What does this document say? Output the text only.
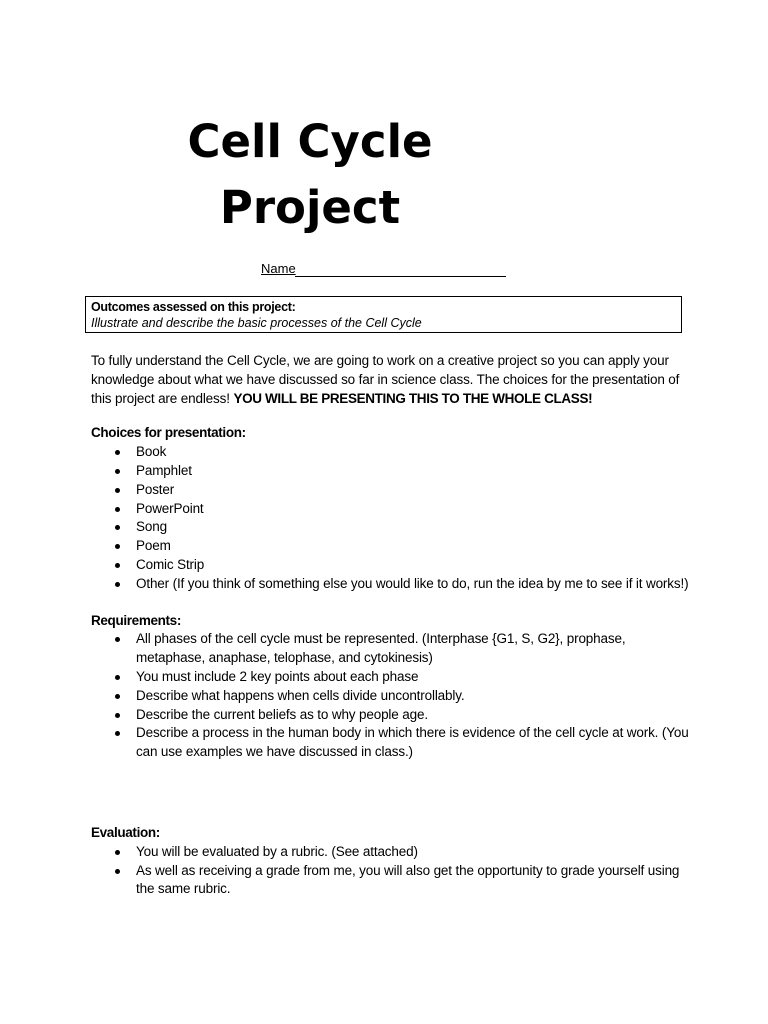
Cell Cycle
Project
Name
Outcomes assessed on this project:
Illustrate and describe the basic processes of the Cell Cycle

To fully understand the Cell Cycle, we are going to work on a creative project so you can apply your knowledge about what we have discussed so far in science class. The choices for the presentation of this project are endless! YOU WILL BE PRESENTING THIS TO THE WHOLE CLASS!

Choices for presentation:

Book
Pamphlet
Poster
PowerPoint
Song
Poem
Comic Strip
Other (If you think of something else you would like to do, run the idea by me to see if it works!)

Requirements:

All phases of the cell cycle must be represented. (Interphase {G1, S, G2}, prophase, metaphase, anaphase, telophase, and cytokinesis)
You must include 2 key points about each phase
Describe what happens when cells divide uncontrollably.
Describe the current beliefs as to why people age.
Describe a process in the human body in which there is evidence of the cell cycle at work. (You can use examples we have discussed in class.)

Evaluation:

You will be evaluated by a rubric. (See attached)
As well as receiving a grade from me, you will also get the opportunity to grade yourself using the same rubric.
